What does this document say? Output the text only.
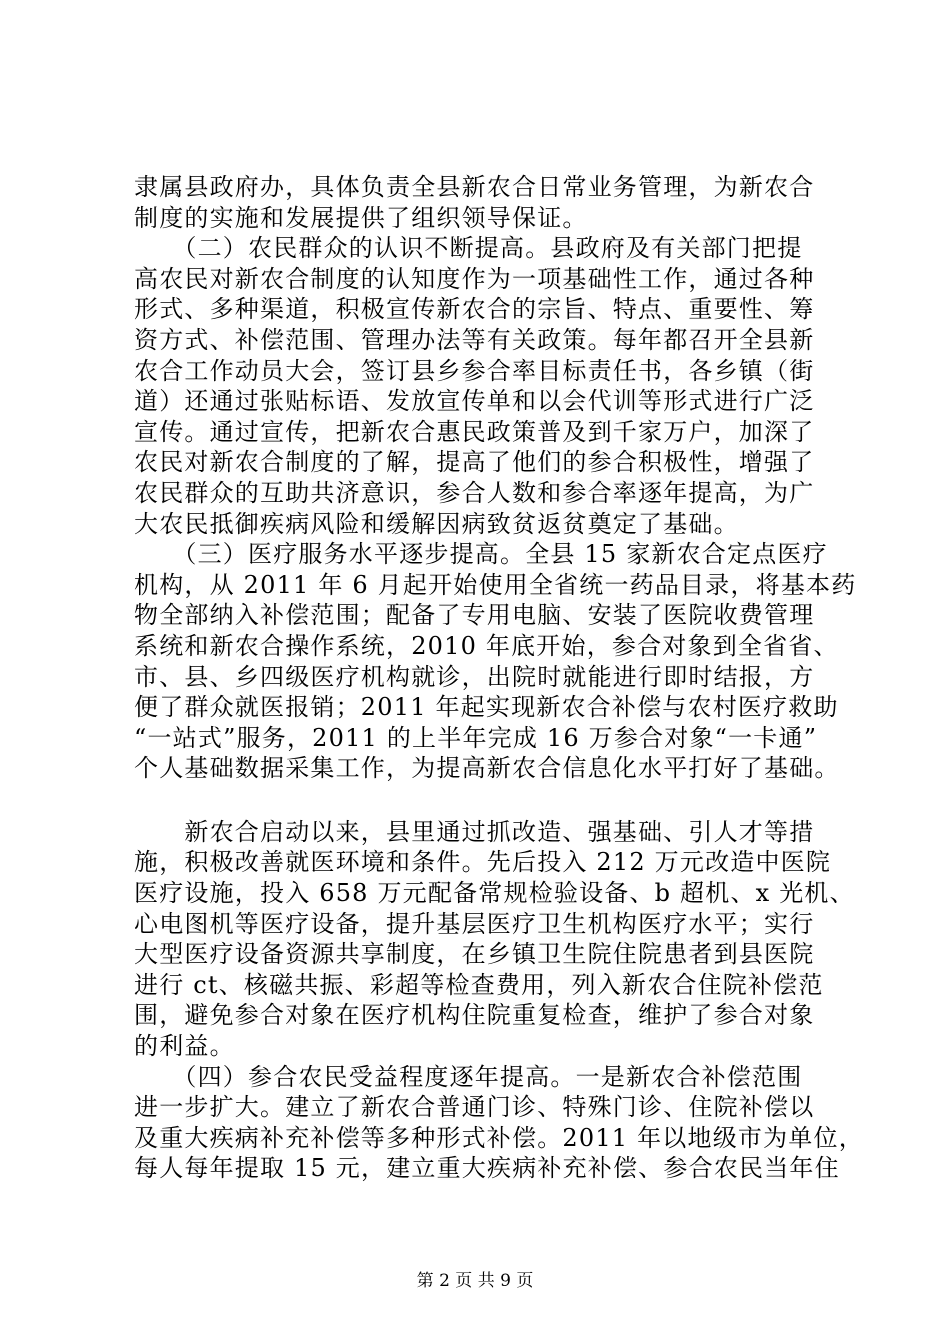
隶属县政府办，具体负责全县新农合日常业务管理，为新农合
制度的实施和发展提供了组织领导保证。
　　（二）农民群众的认识不断提高。县政府及有关部门把提
高农民对新农合制度的认知度作为一项基础性工作，通过各种
形式、多种渠道，积极宣传新农合的宗旨、特点、重要性、筹
资方式、补偿范围、管理办法等有关政策。每年都召开全县新
农合工作动员大会，签订县乡参合率目标责任书，各乡镇（街
道）还通过张贴标语、发放宣传单和以会代训等形式进行广泛
宣传。通过宣传，把新农合惠民政策普及到千家万户，加深了
农民对新农合制度的了解，提高了他们的参合积极性，增强了
农民群众的互助共济意识，参合人数和参合率逐年提高，为广
大农民抵御疾病风险和缓解因病致贫返贫奠定了基础。
　　（三）医疗服务水平逐步提高。全县 15 家新农合定点医疗
机构，从 2011 年 6 月起开始使用全省统一药品目录，将基本药
物全部纳入补偿范围；配备了专用电脑、安装了医院收费管理
系统和新农合操作系统，2010 年底开始，参合对象到全省省、
市、县、乡四级医疗机构就诊，出院时就能进行即时结报，方
便了群众就医报销；2011 年起实现新农合补偿与农村医疗救助
“一站式”服务，2011 的上半年完成 16 万参合对象“一卡通”
个人基础数据采集工作，为提高新农合信息化水平打好了基础。
　　新农合启动以来，县里通过抓改造、强基础、引人才等措
施，积极改善就医环境和条件。先后投入 212 万元改造中医院
医疗设施，投入 658 万元配备常规检验设备、b 超机、x 光机、
心电图机等医疗设备，提升基层医疗卫生机构医疗水平；实行
大型医疗设备资源共享制度，在乡镇卫生院住院患者到县医院
进行 ct、核磁共振、彩超等检查费用，列入新农合住院补偿范
围，避免参合对象在医疗机构住院重复检查，维护了参合对象
的利益。
　　（四）参合农民受益程度逐年提高。一是新农合补偿范围
进一步扩大。建立了新农合普通门诊、特殊门诊、住院补偿以
及重大疾病补充补偿等多种形式补偿。2011 年以地级市为单位，
每人每年提取 15 元，建立重大疾病补充补偿、参合农民当年住
第 2 页 共 9 页
